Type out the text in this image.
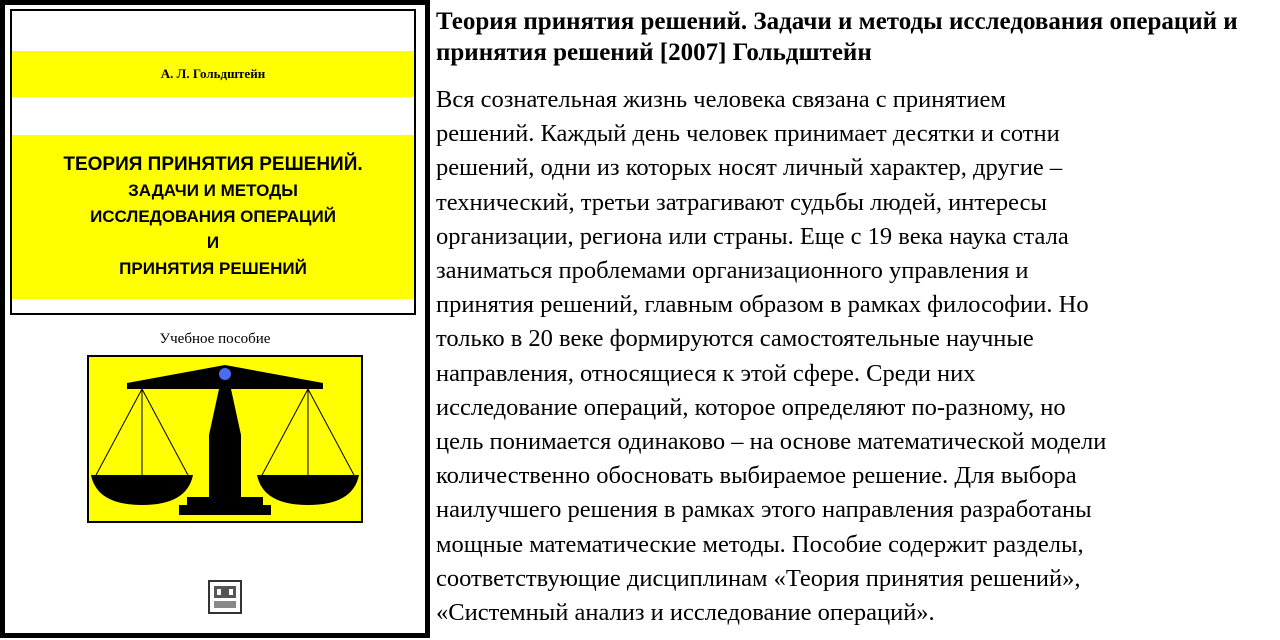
А. Л. Гольдштейн
ТЕОРИЯ ПРИНЯТИЯ РЕШЕНИЙ.
ЗАДАЧИ И МЕТОДЫ
ИССЛЕДОВАНИЯ ОПЕРАЦИЙ
И
ПРИНЯТИЯ РЕШЕНИЙ
Учебное пособие
Теория принятия решений. Задачи и методы исследования операций и принятия решений [2007] Гольдштейн
Вся сознательная жизнь человека связана с принятием
решений. Каждый день человек принимает десятки и сотни
решений, одни из которых носят личный характер, другие –
технический, третьи затрагивают судьбы людей, интересы
организации, региона или страны. Еще с 19 века наука стала
заниматься проблемами организационного управления и
принятия решений, главным образом в рамках философии. Но
только в 20 веке формируются самостоятельные научные
направления, относящиеся к этой сфере. Среди них
исследование операций, которое определяют по-разному, но
цель понимается одинаково – на основе математической модели
количественно обосновать выбираемое решение. Для выбора
наилучшего решения в рамках этого направления разработаны
мощные математические методы. Пособие содержит разделы,
соответствующие дисциплинам «Теория принятия решений»,
«Системный анализ и исследование операций».
